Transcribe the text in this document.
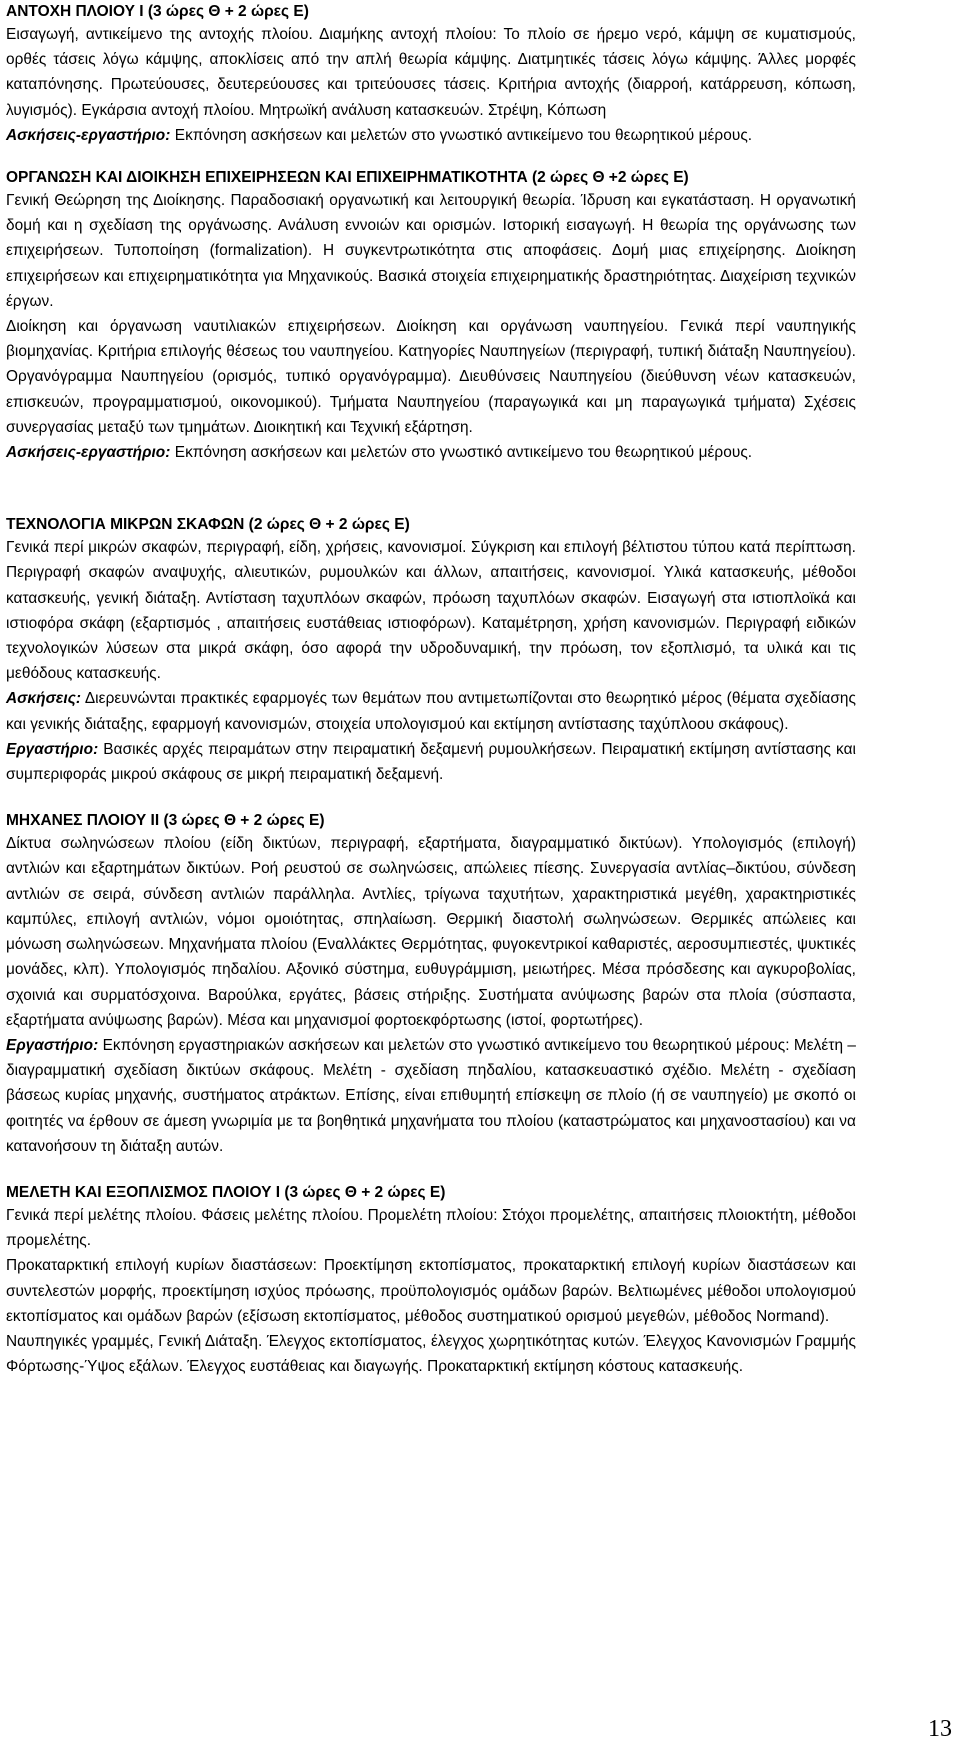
ΑΝΤΟΧΗ ΠΛΟΙΟΥ Ι (3 ώρες Θ + 2 ώρες Ε)

Εισαγωγή, αντικείμενο της αντοχής πλοίου. Διαμήκης αντοχή πλοίου: Το πλοίο σε ήρεμο νερό, κάμψη σε κυματισμούς, ορθές τάσεις λόγω κάμψης, αποκλίσεις από την απλή θεωρία κάμψης. Διατμητικές τάσεις λόγω κάμψης. Άλλες μορφές καταπόνησης. Πρωτεύουσες, δευτερεύουσες και τριτεύουσες τάσεις. Κριτήρια αντοχής (διαρροή, κατάρρευση, κόπωση, λυγισμός). Εγκάρσια αντοχή πλοίου. Μητρωϊκή ανάλυση κατασκευών. Στρέψη, Κόπωση

Ασκήσεις-εργαστήριο: Εκπόνηση ασκήσεων και μελετών στο γνωστικό αντικείμενο του θεωρητικού μέρους.

ΟΡΓΑΝΩΣΗ ΚΑΙ ΔΙΟΙΚΗΣΗ ΕΠΙΧΕΙΡΗΣΕΩΝ ΚΑΙ ΕΠΙΧΕΙΡΗΜΑΤΙΚΟΤΗΤΑ (2 ώρες Θ +2 ώρες Ε)

Γενική Θεώρηση της Διοίκησης. Παραδοσιακή οργανωτική και λειτουργική θεωρία. Ίδρυση και εγκατάσταση. Η οργανωτική δομή και η σχεδίαση της οργάνωσης. Ανάλυση εννοιών και ορισμών. Ιστορική εισαγωγή. Η θεωρία της οργάνωσης των επιχειρήσεων. Τυποποίηση (formalization). Η συγκεντρωτικότητα στις αποφάσεις. Δομή μιας επιχείρησης. Διοίκηση επιχειρήσεων και επιχειρηματικότητα για Μηχανικούς. Βασικά στοιχεία επιχειρηματικής δραστηριότητας. Διαχείριση τεχνικών έργων.

Διοίκηση και όργανωση ναυτιλιακών επιχειρήσεων. Διοίκηση και οργάνωση ναυπηγείου. Γενικά περί ναυπηγικής βιομηχανίας. Κριτήρια επιλογής θέσεως του ναυπηγείου. Κατηγορίες Ναυπηγείων (περιγραφή, τυπική διάταξη Ναυπηγείου). Οργανόγραμμα Ναυπηγείου (ορισμός, τυπικό οργανόγραμμα). Διευθύνσεις Ναυπηγείου (διεύθυνση νέων κατασκευών, επισκευών, προγραμματισμού, οικονομικού). Τμήματα Ναυπηγείου (παραγωγικά και μη παραγωγικά τμήματα) Σχέσεις συνεργασίας μεταξύ των τμημάτων. Διοικητική και Τεχνική εξάρτηση.

Ασκήσεις-εργαστήριο: Εκπόνηση ασκήσεων και μελετών στο γνωστικό αντικείμενο του θεωρητικού μέρους.

ΤΕΧΝΟΛΟΓΙΑ ΜΙΚΡΩΝ ΣΚΑΦΩΝ (2 ώρες Θ + 2 ώρες Ε)

Γενικά περί μικρών σκαφών, περιγραφή, είδη, χρήσεις, κανονισμοί. Σύγκριση και επιλογή βέλτιστου τύπου κατά περίπτωση. Περιγραφή σκαφών αναψυχής, αλιευτικών, ρυμουλκών και άλλων, απαιτήσεις, κανονισμοί. Υλικά κατασκευής, μέθοδοι κατασκευής, γενική διάταξη. Αντίσταση ταχυπλόων σκαφών, πρόωση ταχυπλόων σκαφών. Εισαγωγή στα ιστιοπλοϊκά και ιστιοφόρα σκάφη (εξαρτισμός , απαιτήσεις ευστάθειας ιστιοφόρων). Καταμέτρηση, χρήση κανονισμών. Περιγραφή ειδικών τεχνολογικών λύσεων στα μικρά σκάφη, όσο αφορά την υδροδυναμική, την πρόωση, τον εξοπλισμό, τα υλικά και τις μεθόδους κατασκευής.

Ασκήσεις: Διερευνώνται πρακτικές εφαρμογές των θεμάτων που αντιμετωπίζονται στο θεωρητικό μέρος (θέματα σχεδίασης και γενικής διάταξης, εφαρμογή κανονισμών, στοιχεία υπολογισμού και εκτίμηση αντίστασης ταχύπλοου σκάφους).

Εργαστήριο: Βασικές αρχές πειραμάτων στην πειραματική δεξαμενή ρυμουλκήσεων. Πειραματική εκτίμηση αντίστασης και συμπεριφοράς μικρού σκάφους σε μικρή πειραματική δεξαμενή.

ΜΗΧΑΝΕΣ ΠΛΟΙΟΥ ΙΙ (3 ώρες Θ + 2 ώρες Ε)

Δίκτυα σωληνώσεων πλοίου (είδη δικτύων, περιγραφή, εξαρτήματα, διαγραμματικό δικτύων). Υπολογισμός (επιλογή) αντλιών και εξαρτημάτων δικτύων. Ροή ρευστού σε σωληνώσεις, απώλειες πίεσης. Συνεργασία αντλίας–δικτύου, σύνδεση αντλιών σε σειρά, σύνδεση αντλιών παράλληλα. Αντλίες, τρίγωνα ταχυτήτων, χαρακτηριστικά μεγέθη, χαρακτηριστικές καμπύλες, επιλογή αντλιών, νόμοι ομοιότητας, σπηλαίωση. Θερμική διαστολή σωληνώσεων. Θερμικές απώλειες και μόνωση σωληνώσεων. Μηχανήματα πλοίου (Εναλλάκτες Θερμότητας, φυγοκεντρικοί καθαριστές, αεροσυμπιεστές, ψυκτικές μονάδες, κλπ). Υπολογισμός πηδαλίου. Αξονικό σύστημα, ευθυγράμμιση, μειωτήρες. Μέσα πρόσδεσης και αγκυροβολίας, σχοινιά και συρματόσχοινα. Βαρούλκα, εργάτες, βάσεις στήριξης. Συστήματα ανύψωσης βαρών στα πλοία (σύσπαστα, εξαρτήματα ανύψωσης βαρών). Μέσα και μηχανισμοί φορτοεκφόρτωσης (ιστοί, φορτωτήρες).

Εργαστήριο: Εκπόνηση εργαστηριακών ασκήσεων και μελετών στο γνωστικό αντικείμενο του θεωρητικού μέρους: Μελέτη – διαγραμματική σχεδίαση δικτύων σκάφους. Μελέτη - σχεδίαση πηδαλίου, κατασκευαστικό σχέδιο. Μελέτη - σχεδίαση βάσεως κυρίας μηχανής, συστήματος ατράκτων. Επίσης, είναι επιθυμητή επίσκεψη σε πλοίο (ή σε ναυπηγείο) με σκοπό οι φοιτητές να έρθουν σε άμεση γνωριμία με τα βοηθητικά μηχανήματα του πλοίου (καταστρώματος και μηχανοστασίου) και να κατανοήσουν τη διάταξη αυτών.

ΜΕΛΕΤΗ ΚΑΙ ΕΞΟΠΛΙΣΜΟΣ ΠΛΟΙΟΥ Ι (3 ώρες Θ + 2 ώρες Ε)

Γενικά περί μελέτης πλοίου. Φάσεις μελέτης πλοίου. Προμελέτη πλοίου: Στόχοι προμελέτης, απαιτήσεις πλοιοκτήτη, μέθοδοι προμελέτης.

Προκαταρκτική επιλογή κυρίων διαστάσεων: Προεκτίμηση εκτοπίσματος, προκαταρκτική επιλογή κυρίων διαστάσεων και συντελεστών μορφής, προεκτίμηση ισχύος πρόωσης, προϋπολογισμός ομάδων βαρών. Βελτιωμένες μέθοδοι υπολογισμού εκτοπίσματος και ομάδων βαρών (εξίσωση εκτοπίσματος, μέθοδος συστηματικού ορισμού μεγεθών, μέθοδος Normand).

Ναυπηγικές γραμμές, Γενική Διάταξη. Έλεγχος εκτοπίσματος, έλεγχος χωρητικότητας κυτών. Έλεγχος Κανονισμών Γραμμής Φόρτωσης-Ύψος εξάλων. Έλεγχος ευστάθειας και διαγωγής. Προκαταρκτική εκτίμηση κόστους κατασκευής.

13
